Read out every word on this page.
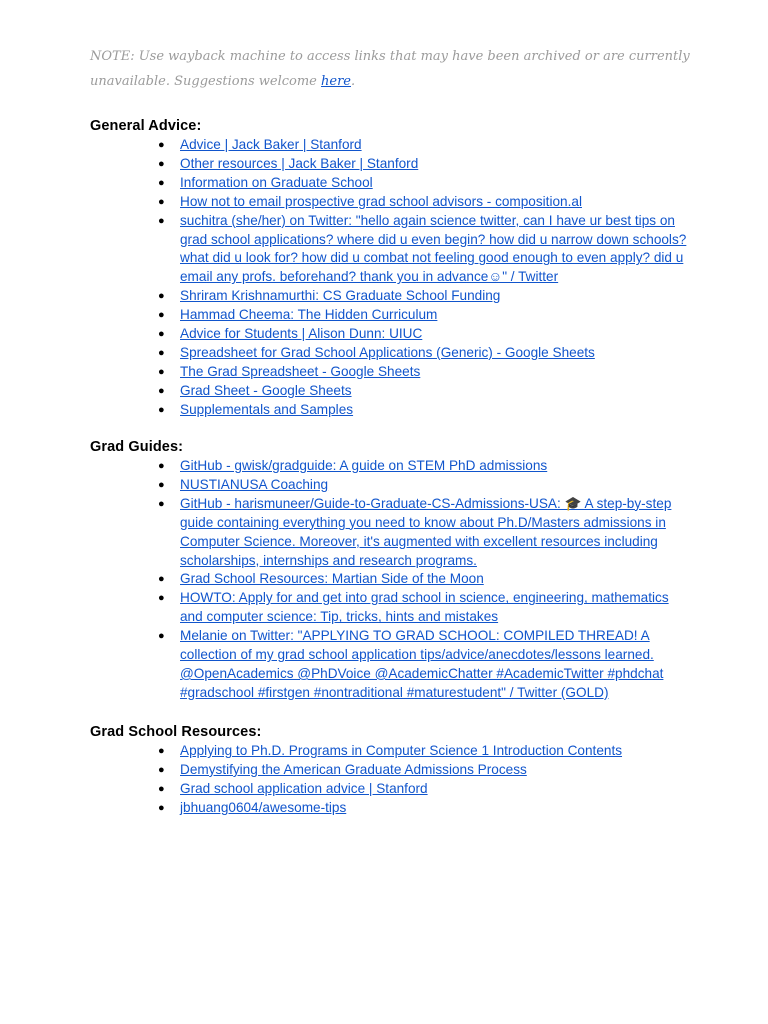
NOTE: Use wayback machine to access links that may have been archived or are currently unavailable. Suggestions welcome here.
General Advice:
● Advice | Jack Baker | Stanford
● Other resources | Jack Baker | Stanford
● Information on Graduate School
● How not to email prospective grad school advisors - composition.al
● suchitra (she/her) on Twitter: "hello again science twitter, can I have ur best tips on grad school applications? where did u even begin? how did u narrow down schools? what did u look for? how did u combat not feeling good enough to even apply? did u email any profs. beforehand? thank you in advance☺" / Twitter
● Shriram Krishnamurthi: CS Graduate School Funding
● Hammad Cheema: The Hidden Curriculum
● Advice for Students | Alison Dunn: UIUC
● Spreadsheet for Grad School Applications (Generic) - Google Sheets
● The Grad Spreadsheet - Google Sheets
● Grad Sheet - Google Sheets
● Supplementals and Samples
Grad Guides:
● GitHub - gwisk/gradguide: A guide on STEM PhD admissions
● NUSTIANUSA Coaching
● GitHub - harismuneer/Guide-to-Graduate-CS-Admissions-USA: 🎓 A step-by-step guide containing everything you need to know about Ph.D/Masters admissions in Computer Science. Moreover, it's augmented with excellent resources including scholarships, internships and research programs.
● Grad School Resources: Martian Side of the Moon
● HOWTO: Apply for and get into grad school in science, engineering, mathematics and computer science: Tip, tricks, hints and mistakes
● Melanie on Twitter: "APPLYING TO GRAD SCHOOL: COMPILED THREAD! A collection of my grad school application tips/advice/anecdotes/lessons learned. @OpenAcademics @PhDVoice @AcademicChatter #AcademicTwitter #phdchat #gradschool #firstgen #nontraditional #maturestudent" / Twitter (GOLD)
Grad School Resources:
● Applying to Ph.D. Programs in Computer Science 1 Introduction Contents
● Demystifying the American Graduate Admissions Process
● Grad school application advice | Stanford
● jbhuang0604/awesome-tips
